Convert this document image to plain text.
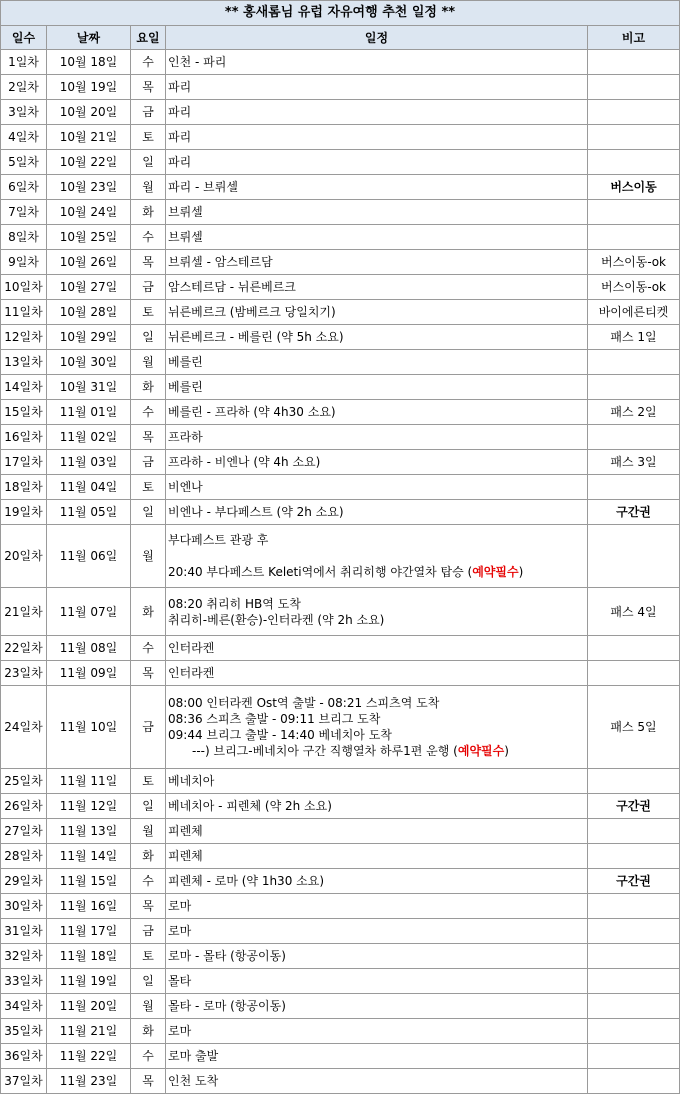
** 홍새롬님 유럽 자유여행 추천 일정 **				
일수	날짜	요일	일정	비고
1일차	10월 18일	수	인천 - 파리	

2일차	10월 19일	목	파리	

3일차	10월 20일	금	파리	

4일차	10월 21일	토	파리	

5일차	10월 22일	일	파리	

6일차	10월 23일	월	파리 - 브뤼셀	버스이동
7일차	10월 24일	화	브뤼셀	

8일차	10월 25일	수	브뤼셀	

9일차	10월 26일	목	브뤼셀 - 암스테르담	버스이동-ok
10일차	10월 27일	금	암스테르담 - 뉘른베르크	버스이동-ok
11일차	10월 28일	토	뉘른베르크 (밤베르크 당일치기)	바이에른티켓
12일차	10월 29일	일	뉘른베르크 - 베를린 (약 5h 소요)	패스 1일
13일차	10월 30일	월	베를린	

14일차	10월 31일	화	베를린	

15일차	11월 01일	수	베를린 - 프라하 (약 4h30 소요)	패스 2일
16일차	11월 02일	목	프라하	

17일차	11월 03일	금	프라하 - 비엔나 (약 4h 소요)	패스 3일
18일차	11월 04일	토	비엔나	

19일차	11월 05일	일	비엔나 - 부다페스트 (약 2h 소요)	구간권
20일차	11월 06일	월	부다페스트 관광 후
20:40 부다페스트 Keleti역에서 취리히행 야간열차 탑승 (예약필수)	

21일차	11월 07일	화	08:20 취리히 HB역 도착
취리히-베른(환승)-인터라켄 (약 2h 소요)	패스 4일
22일차	11월 08일	수	인터라켄	

23일차	11월 09일	목	인터라켄	

24일차	11월 10일	금	08:00 인터라켄 Ost역 출발 - 08:21 스피츠역 도착
08:36 스피츠 출발 - 09:11 브리그 도착
09:44 브리그 출발 - 14:40 베네치아 도착
---) 브리그-베네치아 구간 직행열차 하루1편 운행 (예약필수)	패스 5일
25일차	11월 11일	토	베네치아	

26일차	11월 12일	일	베네치아 - 피렌체 (약 2h 소요)	구간권
27일차	11월 13일	월	피렌체	

28일차	11월 14일	화	피렌체	

29일차	11월 15일	수	피렌체 - 로마 (약 1h30 소요)	구간권
30일차	11월 16일	목	로마	

31일차	11월 17일	금	로마	

32일차	11월 18일	토	로마 - 몰타 (항공이동)	

33일차	11월 19일	일	몰타	

34일차	11월 20일	월	몰타 - 로마 (항공이동)	

35일차	11월 21일	화	로마	

36일차	11월 22일	수	로마 출발	

37일차	11월 23일	목	인천 도착	
